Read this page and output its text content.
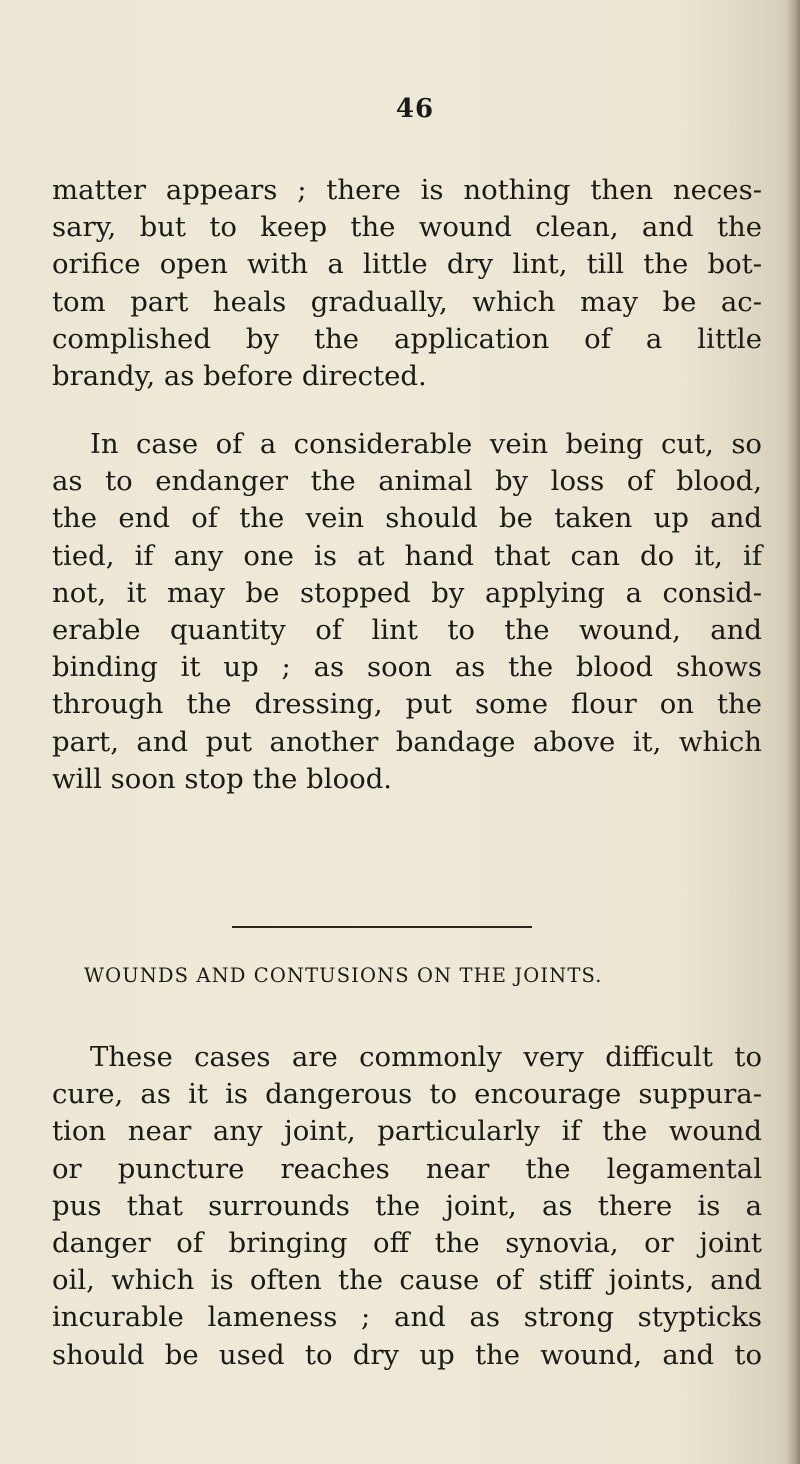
46
matter appears ; there is nothing then neces-
sary, but to keep the wound clean, and the
orifice open with a little dry lint, till the bot-
tom part heals gradually, which may be ac-
complished by the application of a little
brandy, as before directed.
In case of a considerable vein being cut, so
as to endanger the animal by loss of blood,
the end of the vein should be taken up and
tied, if any one is at hand that can do it, if
not, it may be stopped by applying a consid-
erable quantity of lint to the wound, and
binding it up ; as soon as the blood shows
through the dressing, put some flour on the
part, and put another bandage above it, which
will soon stop the blood.
WOUNDS AND CONTUSIONS ON THE JOINTS.
These cases are commonly very difficult to
cure, as it is dangerous to encourage suppura-
tion near any joint, particularly if the wound
or puncture reaches near the legamental
pus that surrounds the joint, as there is a
danger of bringing off the synovia, or joint
oil, which is often the cause of stiff joints, and
incurable lameness ; and as strong stypticks
should be used to dry up the wound, and to
